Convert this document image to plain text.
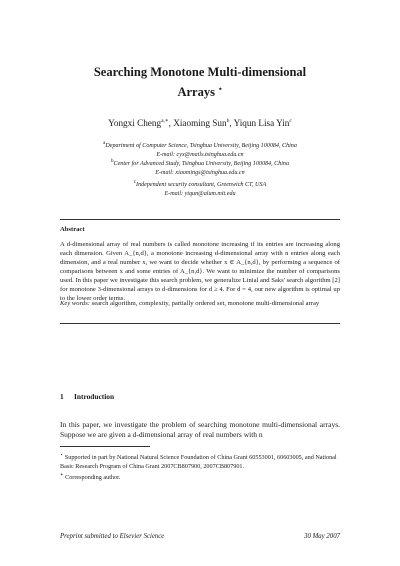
Searching Monotone Multi-dimensional
Arrays ⋆
Yongxi Cheng$^{a,∗}$, Xiaoming Sun$^b$, Yiqun Lisa Yin$^c$
$^a$Department of Computer Science, Tsinghua University, Beijing 100084, China
E-mail: cyx@mails.tsinghua.edu.cn
$^b$Center for Advanced Study, Tsinghua University, Beijing 100084, China
E-mail: xiaomings@tsinghua.edu.cn
$^c$Independent security consultant, Greenwich CT, USA
E-mail: yiqun@alum.mit.edu
Abstract
A d-dimensional array of real numbers is called monotone increasing if its entries are increasing along each dimension. Given A_{n,d}, a monotone increasing d-dimensional array with n entries along each dimension, and a real number x, we want to decide whether x ∈ A_{n,d}, by performing a sequence of comparisons between x and some entries of A_{n,d}. We want to minimize the number of comparisons used. In this paper we investigate this search problem, we generalize Linial and Saks' search algorithm [2] for monotone 3-dimensional arrays to d-dimensions for d ≥ 4. For d = 4, our new algorithm is optimal up to the lower order terms.
Key words: search algorithm, complexity, partially ordered set, monotone multi-dimensional array
1 Introduction
In this paper, we investigate the problem of searching monotone multi-dimensional arrays. Suppose we are given a d-dimensional array of real numbers with n
⋆ Supported in part by National Natural Science Foundation of China Grant 60553001, 60603005, and National Basic Research Program of China Grant 2007CB807900, 2007CB807901.
∗ Corresponding author.
Preprint submitted to Elsevier Science	30 May 2007
